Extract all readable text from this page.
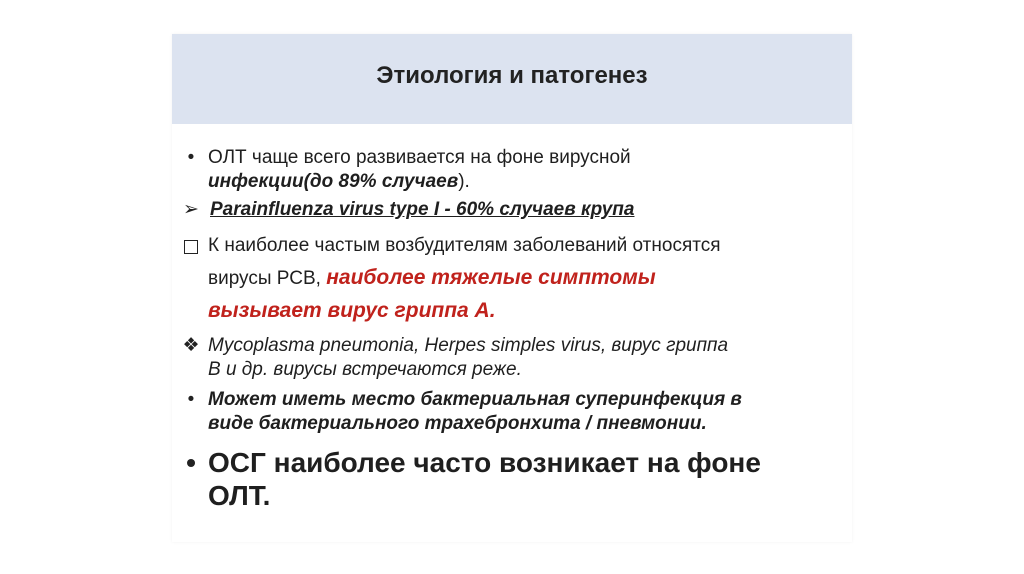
Этиология и патогенез
• ОЛТ чаще всего развивается на фоне вирусной
инфекции(до 89% случаев).
➢ Parainfluenza virus type I - 60% случаев крупа
К наиболее частым возбудителям заболеваний относятся
вирусы РСВ, наиболее тяжелые симптомы
вызывает вирус гриппа А.
❖ Mycoplasma pneumonia, Herpes simples virus, вирус гриппа
В и др. вирусы встречаются реже.
• Может иметь место бактериальная суперинфекция в
виде бактериального трахебронхита / пневмонии.
• ОСГ наиболее часто возникает на фоне
ОЛТ.
